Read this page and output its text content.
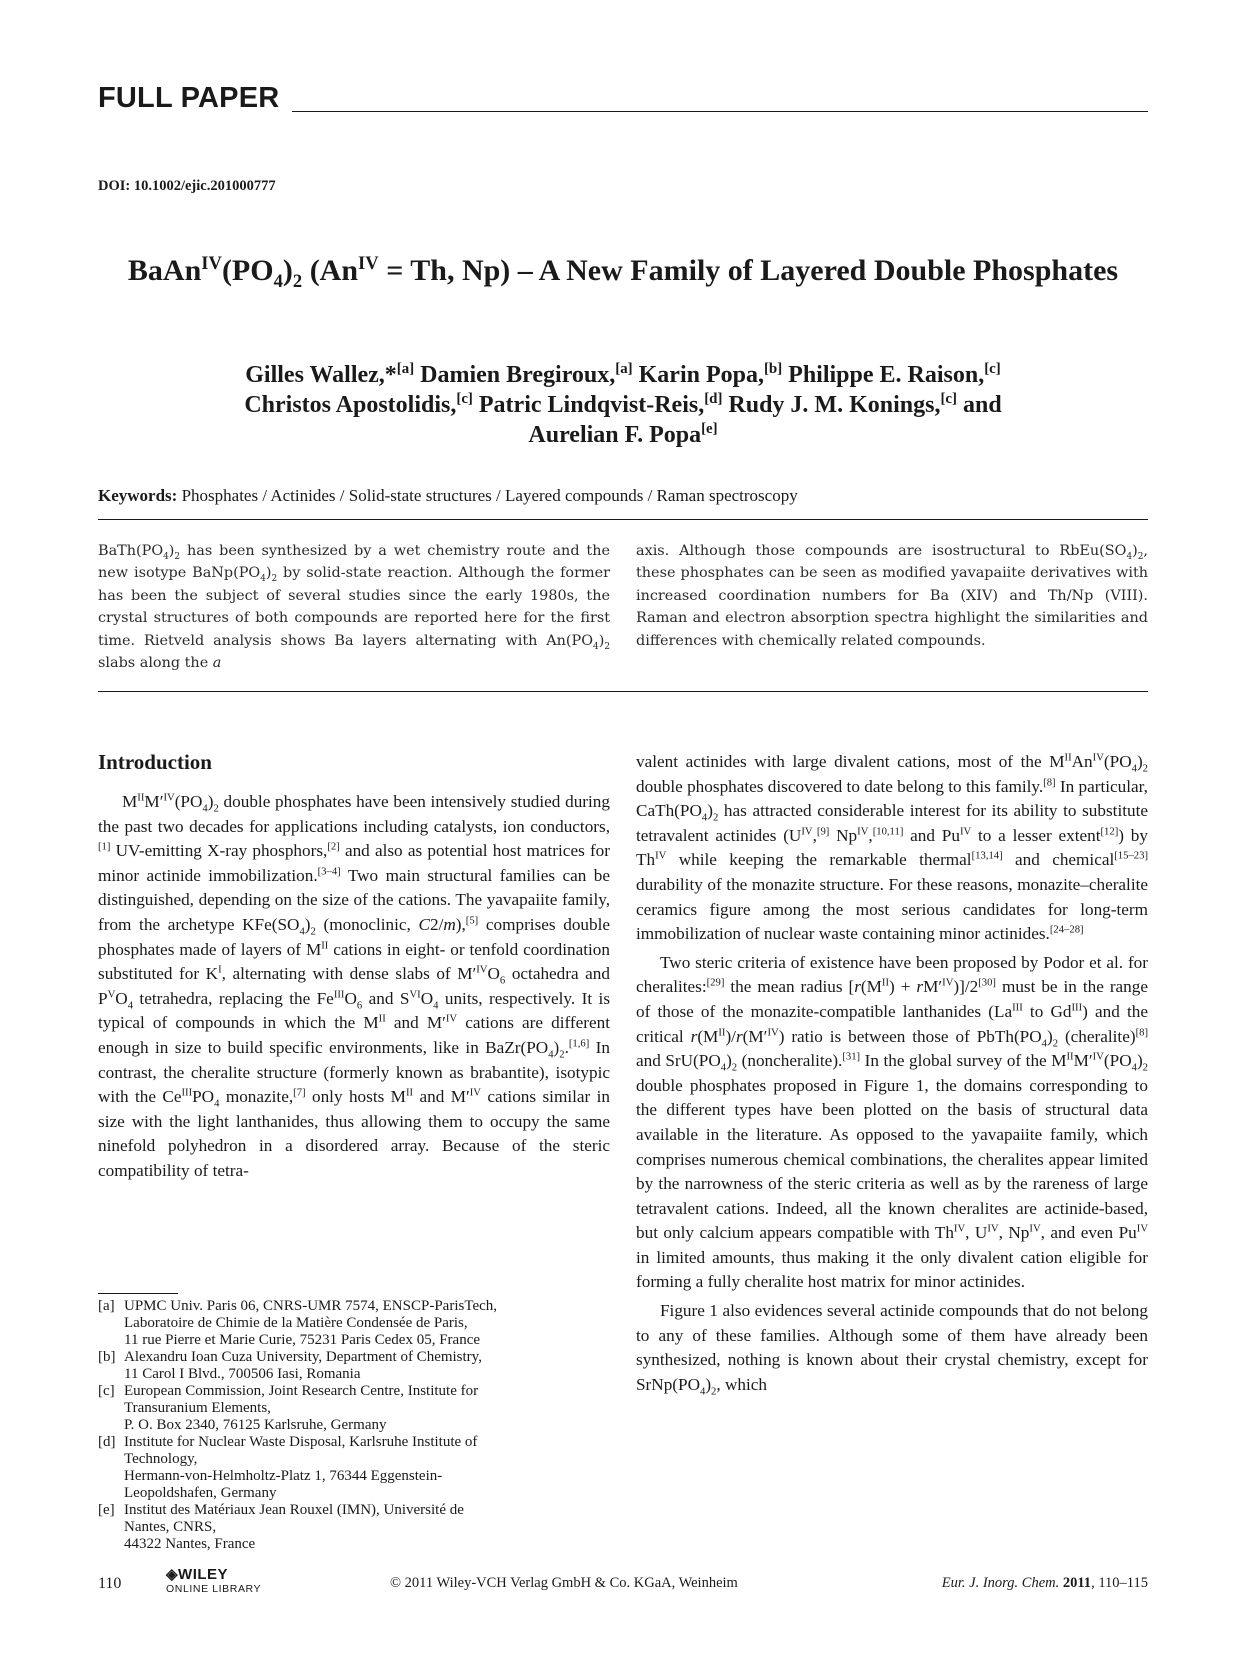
FULL PAPER
DOI: 10.1002/ejic.201000777
$BaAn^{IV}(PO_4)_2$ ($An^{IV} = Th$, Np) – A New Family of Layered Double Phosphates
Gilles Wallez,*[a] Damien Bregiroux,[a] Karin Popa,[b] Philippe E. Raison,[c]
Christos Apostolidis,[c] Patric Lindqvist-Reis,[d] Rudy J. M. Konings,[c] and
Aurelian F. Popa[e]
Keywords: Phosphates / Actinides / Solid-state structures / Layered compounds / Raman spectroscopy
$BaTh(PO_4)_2$ has been synthesized by a wet chemistry route and the new isotype $BaNp(PO_4)_2$ by solid-state reaction. Although the former has been the subject of several studies since the early 1980s, the crystal structures of both compounds are reported here for the first time. Rietveld analysis shows Ba layers alternating with $An(PO_4)_2$ slabs along the a
axis. Although those compounds are isostructural to $RbEu(SO_4)_2$, these phosphates can be seen as modified yavapaiite derivatives with increased coordination numbers for Ba (XIV) and Th/Np (VIII). Raman and electron absorption spectra highlight the similarities and differences with chemically related compounds.
Introduction

$M^{II}M'^{IV}(PO_4)_2$ double phosphates have been intensively studied during the past two decades for applications including catalysts, ion conductors,[1] UV-emitting X-ray phosphors,[2] and also as potential host matrices for minor actinide immobilization.[3–4] Two main structural families can be distinguished, depending on the size of the cations. The yavapaiite family, from the archetype $KFe(SO_4)_2$ (monoclinic, C2/m),[5] comprises double phosphates made of layers of $M^{II}$ cations in eight- or tenfold coordination substituted for $K^I$, alternating with dense slabs of $M'^{IV}O_6$ octahedra and $P^VO_4$ tetrahedra, replacing the $Fe^{III}O_6$ and $S^{VI}O_4$ units, respectively. It is typical of compounds in which the $M^{II}$ and $M'^{IV}$ cations are different enough in size to build specific environments, like in $BaZr(PO_4)_2.[1,6]$ In contrast, the cheralite structure (formerly known as brabantite), isotypic with the $Ce^{III}PO_4$ monazite,[7] only hosts $M^{II}$ and $M'^{IV}$ cations similar in size with the light lanthanides, thus allowing them to occupy the same ninefold polyhedron in a disordered array. Because of the steric compatibility of tetra-

valent actinides with large divalent cations, most of the $M^{II}An^{IV}(PO_4)_2$ double phosphates discovered to date belong to this family.[8] In particular, $CaTh(PO_4)_2$ has attracted considerable interest for its ability to substitute tetravalent actinides ($U^{IV},[9]$ $Np^{IV},[10,11]$ and $Pu^{IV}$ to a lesser extent[12]) by $Th^{IV}$ while keeping the remarkable thermal[13,14] and chemical[15–23] durability of the monazite structure. For these reasons, monazite–cheralite ceramics figure among the most serious candidates for long-term immobilization of nuclear waste containing minor actinides.[24–28]

Two steric criteria of existence have been proposed by Podor et al. for cheralites:[29] the mean radius $[r(M^{II}) + rM'^{IV})]/2[30]$ must be in the range of those of the monazite-compatible lanthanides ($La^{III}$ to $Gd^{III}$) and the critical $r(M^{II})/r(M'^{IV})$ ratio is between those of $PbTh(PO_4)_2$ (cheralite)[8] and $SrU(PO_4)_2$ (noncheralite).[31] In the global survey of the $M^{II}M'^{IV}(PO_4)_2$ double phosphates proposed in Figure 1, the domains corresponding to the different types have been plotted on the basis of structural data available in the literature. As opposed to the yavapaiite family, which comprises numerous chemical combinations, the cheralites appear limited by the narrowness of the steric criteria as well as by the rareness of large tetravalent cations. Indeed, all the known cheralites are actinide-based, but only calcium appears compatible with $Th^{IV}$, $U^{IV}$, $Np^{IV}$, and even $Pu^{IV}$ in limited amounts, thus making it the only divalent cation eligible for forming a fully cheralite host matrix for minor actinides.

Figure 1 also evidences several actinide compounds that do not belong to any of these families. Although some of them have already been synthesized, nothing is known about their crystal chemistry, except for $SrNp(PO_4)_2$, which

[a] UPMC Univ. Paris 06, CNRS-UMR 7574, ENSCP-ParisTech,
Laboratoire de Chimie de la Matière Condensée de Paris,
11 rue Pierre et Marie Curie, 75231 Paris Cedex 05, France
[b] Alexandru Ioan Cuza University, Department of Chemistry,
11 Carol I Blvd., 700506 Iasi, Romania
[c] European Commission, Joint Research Centre, Institute for
Transuranium Elements,
P. O. Box 2340, 76125 Karlsruhe, Germany
[d] Institute for Nuclear Waste Disposal, Karlsruhe Institute of
Technology,
Hermann-von-Helmholtz-Platz 1, 76344 Eggenstein-
Leopoldshafen, Germany
[e] Institut des Matériaux Jean Rouxel (IMN), Université de
Nantes, CNRS,
44322 Nantes, France
110
◈WILEY
ONLINE LIBRARY	© 2011 Wiley-VCH Verlag GmbH & Co. KGaA, Weinheim	Eur. J. Inorg. Chem. 2011, 110–115
